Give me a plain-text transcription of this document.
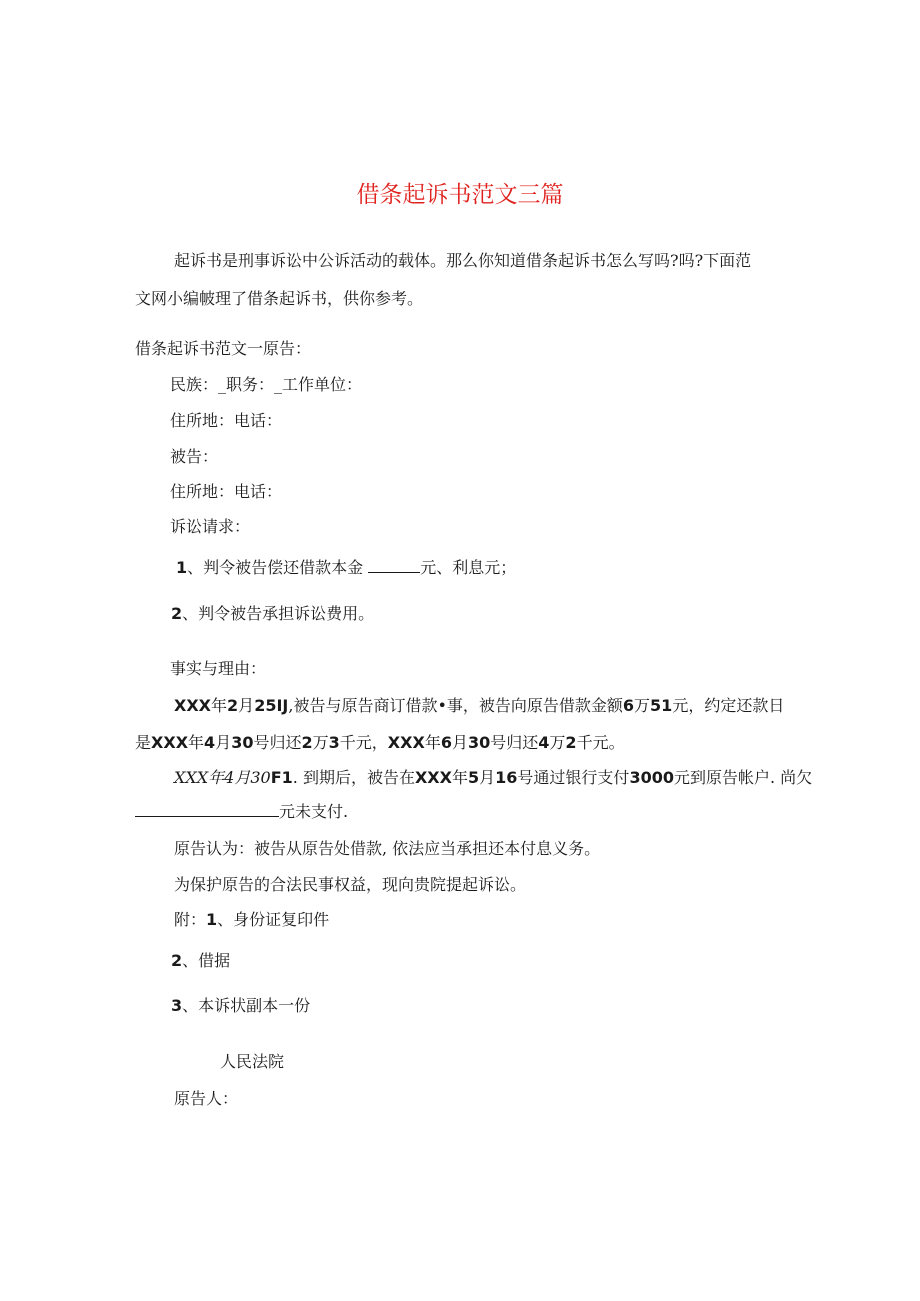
借条起诉书范文三篇
起诉书是刑事诉讼中公诉活动的载体。那么你知道借条起诉书怎么写吗?吗?下面范
文网小编帔理了借条起诉书，供你参考。
借条起诉书范文一原告：
民族：_职务：_工作单位：
住所地：电话：
被告：
住所地：电话：
诉讼请求：
1、判令被告偿还借款本金	元、利息元；
2、判令被告承担诉讼费用。
事实与理由：
XXX年2月25IJ,被告与原告商订借款•事，被告向原告借款金额6万51元，约定还款日
是XXX年4月30号归还2万3千元，XXX年6月30号归还4万2千元。
XXX年4月30F1. 到期后，被告在XXX年5月16号通过银行支付3000元到原告帐户. 尚欠
元未支付.
原告认为：被告从原告处借款, 依法应当承担还本付息义务。
为保护原告的合法民事权益，现向贵院提起诉讼。
附：1、身份证复印件
2、借据
3、本诉状副本一份
人民法院
原告人：
